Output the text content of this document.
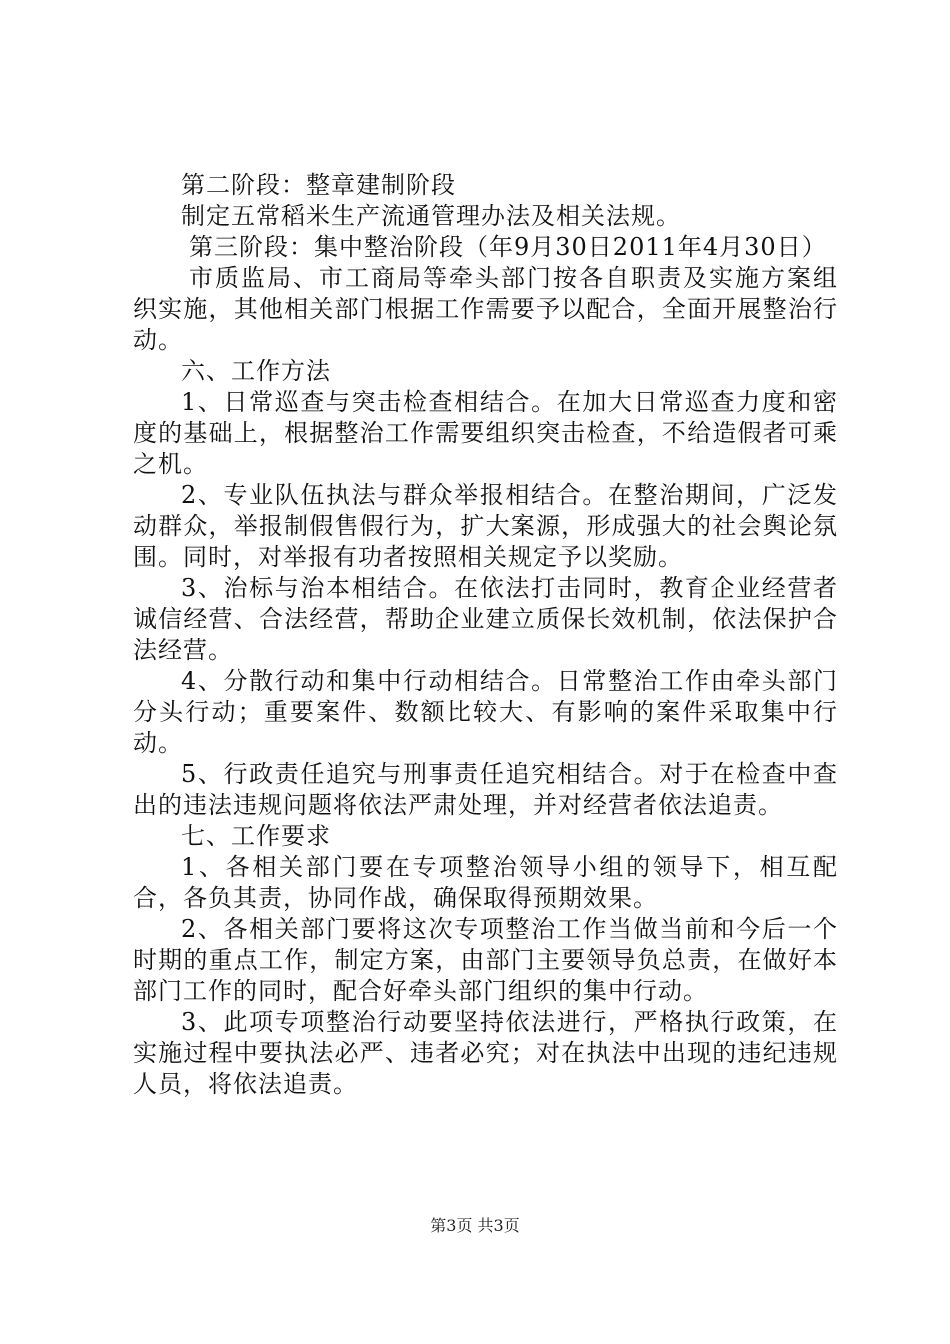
第二阶段：整章建制阶段

制定五常稻米生产流通管理办法及相关法规。

第三阶段：集中整治阶段（年9月30日2011年4月30日）

市质监局、市工商局等牵头部门按各自职责及实施方案组织实施，其他相关部门根据工作需要予以配合，全面开展整治行动。

六、工作方法

1、日常巡查与突击检查相结合。在加大日常巡查力度和密度的基础上，根据整治工作需要组织突击检查，不给造假者可乘之机。

2、专业队伍执法与群众举报相结合。在整治期间，广泛发动群众，举报制假售假行为，扩大案源，形成强大的社会舆论氛围。同时，对举报有功者按照相关规定予以奖励。

3、治标与治本相结合。在依法打击同时，教育企业经营者诚信经营、合法经营，帮助企业建立质保长效机制，依法保护合法经营。

4、分散行动和集中行动相结合。日常整治工作由牵头部门分头行动；重要案件、数额比较大、有影响的案件采取集中行动。

5、行政责任追究与刑事责任追究相结合。对于在检查中查出的违法违规问题将依法严肃处理，并对经营者依法追责。

七、工作要求

1、各相关部门要在专项整治领导小组的领导下，相互配合，各负其责，协同作战，确保取得预期效果。

2、各相关部门要将这次专项整治工作当做当前和今后一个时期的重点工作，制定方案，由部门主要领导负总责，在做好本部门工作的同时，配合好牵头部门组织的集中行动。

3、此项专项整治行动要坚持依法进行，严格执行政策，在实施过程中要执法必严、违者必究；对在执法中出现的违纪违规人员，将依法追责。

第3页 共3页
